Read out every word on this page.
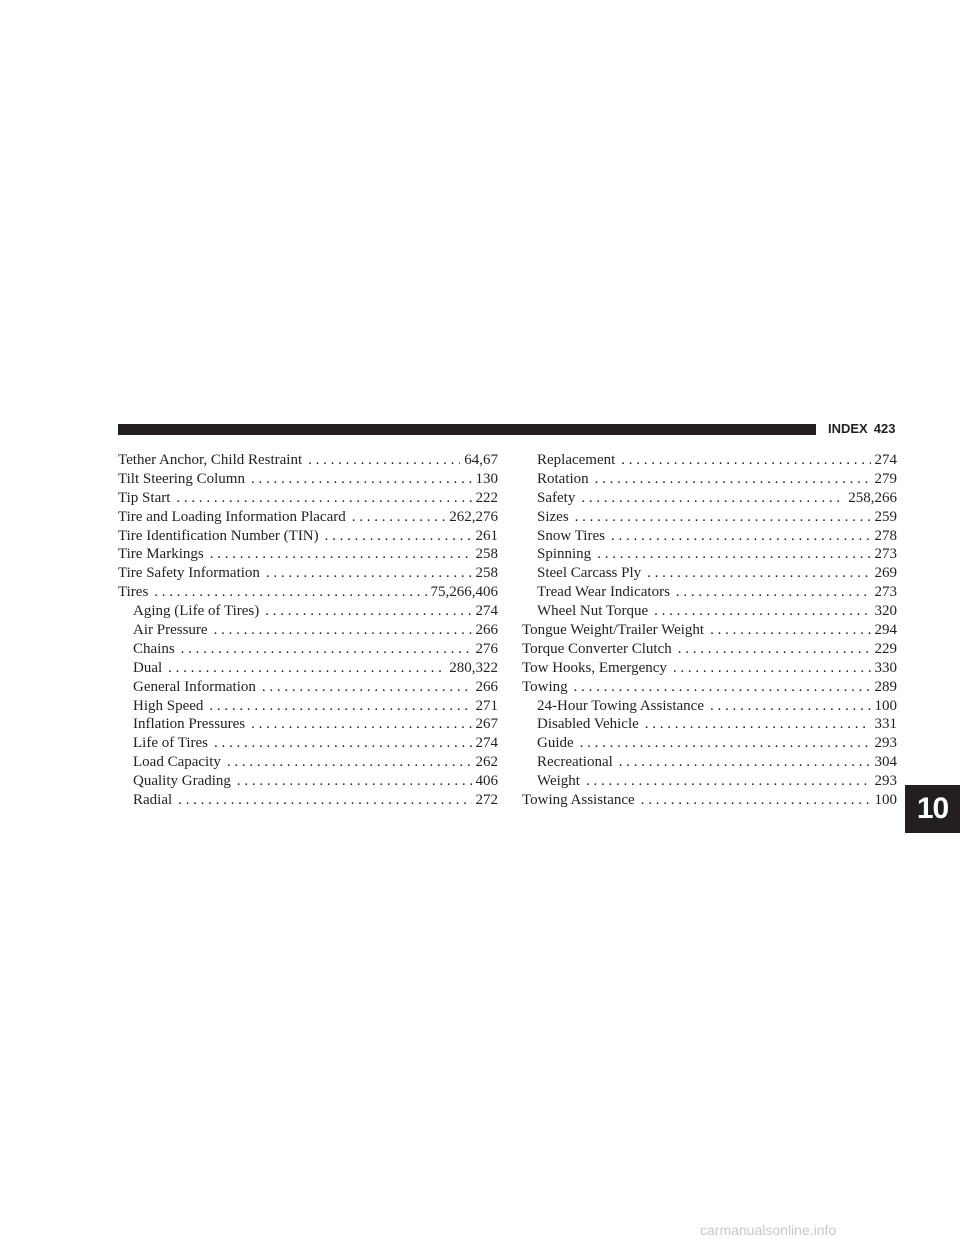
INDEX 423
Tether Anchor, Child Restraint . . .	64,67
Tilt Steering Column . . .	130
Tip Start . . .	222
Tire and Loading Information Placard . . .	262,276
Tire Identification Number (TIN) . . .	261
Tire Markings . . .	258
Tire Safety Information . . .	258
Tires . . .	75,266,406
Aging (Life of Tires) . . .	274
Air Pressure . . .	266
Chains . . .	276
Dual . . .	280,322
General Information . . .	266
High Speed . . .	271
Inflation Pressures . . .	267
Life of Tires . . .	274
Load Capacity . . .	262
Quality Grading . . .	406
Radial . . .	272
Replacement . . .	274
Rotation . . .	279
Safety . . .	258,266
Sizes . . .	259
Snow Tires . . .	278
Spinning . . .	273
Steel Carcass Ply . . .	269
Tread Wear Indicators . . .	273
Wheel Nut Torque . . .	320
Tongue Weight/Trailer Weight . . .	294
Torque Converter Clutch . . .	229
Tow Hooks, Emergency . . .	330
Towing . . .	289
24-Hour Towing Assistance . . .	100
Disabled Vehicle . . .	331
Guide . . .	293
Recreational . . .	304
Weight . . .	293
Towing Assistance . . .	100 10
carmanualsonline.info
